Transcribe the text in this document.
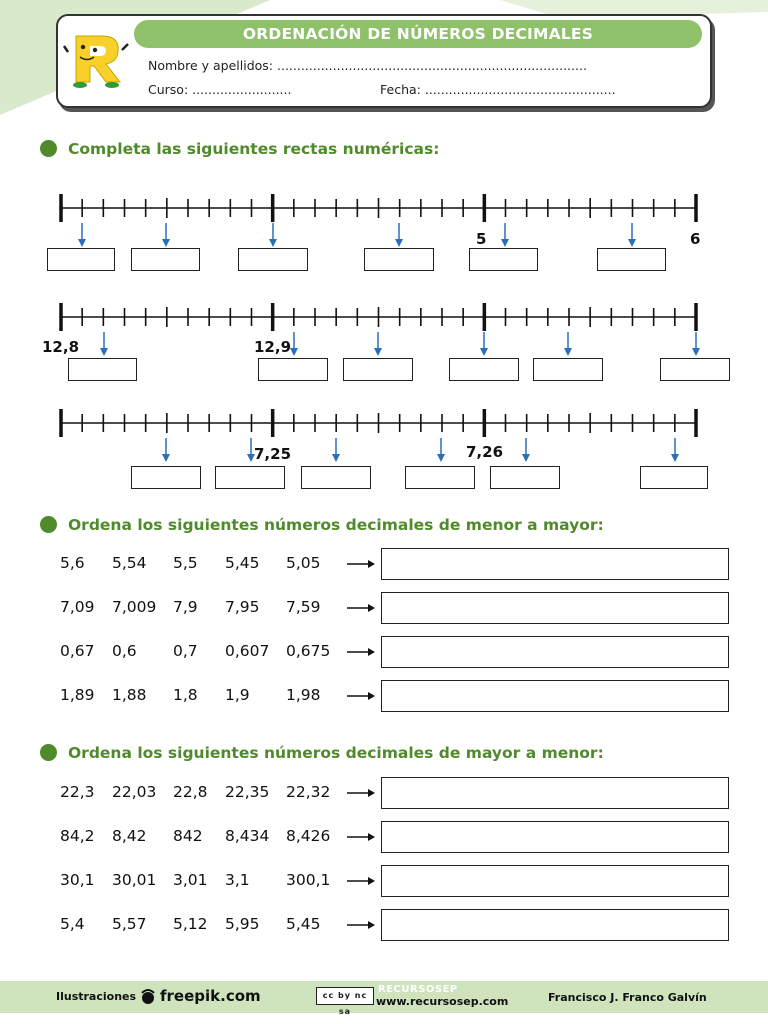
ORDENACIÓN DE NÚMEROS DECIMALES
Nombre y apellidos: ..............................................................................
Curso: .........................	Fecha: ................................................
Completa las siguientes rectas numéricas:
5	6
12,8	12,9
7,25	7,26
Ordena los siguientes números decimales de menor a mayor:
5,6 5,54 5,5 5,45 5,05
7,09 7,009 7,9 7,95 7,59
0,67 0,6 0,7 0,607 0,675
1,89 1,88 1,8 1,9 1,98
Ordena los siguientes números decimales de mayor a menor:
22,3 22,03 22,8 22,35 22,32
84,2 8,42 842 8,434 8,426
30,1 30,01 3,01 3,1 300,1
5,4 5,57 5,12 5,95 5,45
Ilustraciones freepik.com	cc by nc sa
RECURSOSEP
www.recursosep.com	Francisco J. Franco Galvín
